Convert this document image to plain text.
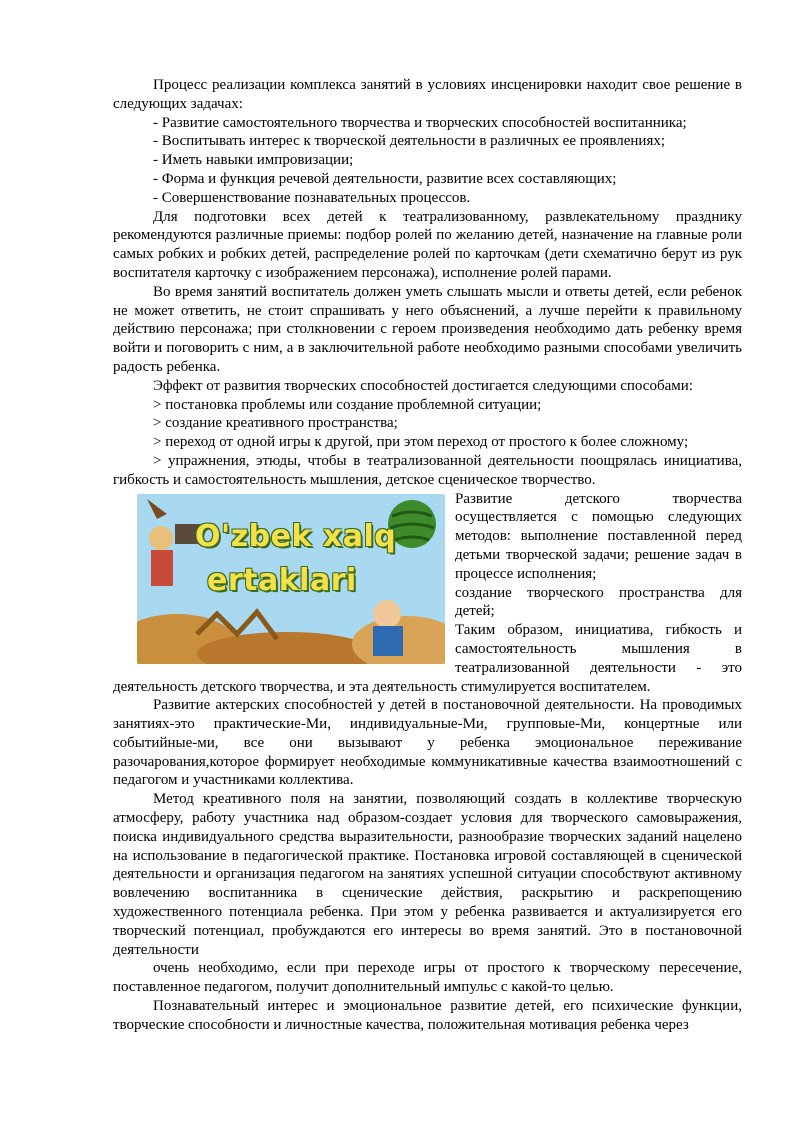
Процесс реализации комплекса занятий в условиях инсценировки находит свое решение в следующих задачах:

- Развитие самостоятельного творчества и творческих способностей воспитанника;

- Воспитывать интерес к творческой деятельности в различных ее проявлениях;

- Иметь навыки импровизации;

- Форма и функция речевой деятельности, развитие всех составляющих;

- Совершенствование познавательных процессов.

Для подготовки всех детей к театрализованному, развлекательному празднику рекомендуются различные приемы: подбор ролей по желанию детей, назначение на главные роли самых робких и робких детей, распределение ролей по карточкам (дети схематично берут из рук воспитателя карточку с изображением персонажа), исполнение ролей парами.

Во время занятий воспитатель должен уметь слышать мысли и ответы детей, если ребенок не может ответить, не стоит спрашивать у него объяснений, а лучше перейти к правильному действию персонажа; при столкновении с героем произведения необходимо дать ребенку время войти и поговорить с ним, а в заключительной работе необходимо разными способами увеличить радость ребенка.

Эффект от развития творческих способностей достигается следующими способами:

> постановка проблемы или создание проблемной ситуации;

> создание креативного пространства;

> переход от одной игры к другой, при этом переход от простого к более сложному;

> упражнения, этюды, чтобы в театрализованной деятельности поощрялась инициатива, гибкость и самостоятельность мышления, детское сценическое творчество.

O'zbek xalq
ertaklari

Развитие детского творчества осуществляется с помощью следующих методов: выполнение поставленной перед детьми творческой задачи; решение задач в процессе исполнения;

создание творческого пространства для детей;

Таким образом, инициатива, гибкость и самостоятельность мышления в театрализованной деятельности - это деятельность детского творчества, и эта деятельность стимулируется воспитателем.

Развитие актерских способностей у детей в постановочной деятельности. На проводимых занятиях-это практические-Ми, индивидуальные-Ми, групповые-Ми, концертные или событийные-ми, все они вызывают у ребенка эмоциональное переживание разочарования,которое формирует необходимые коммуникативные качества взаимоотношений с педагогом и участниками коллектива.

Метод креативного поля на занятии, позволяющий создать в коллективе творческую атмосферу, работу участника над образом-создает условия для творческого самовыражения, поиска индивидуального средства выразительности, разнообразие творческих заданий нацелено на использование в педагогической практике. Постановка игровой составляющей в сценической деятельности и организация педагогом на занятиях успешной ситуации способствуют активному вовлечению воспитанника в сценические действия, раскрытию и раскрепощению художественного потенциала ребенка. При этом у ребенка развивается и актуализируется его творческий потенциал, пробуждаются его интересы во время занятий. Это в постановочной деятельности

очень необходимо, если при переходе игры от простого к творческому пересечение, поставленное педагогом, получит дополнительный импульс с какой-то целью.

Познавательный интерес и эмоциональное развитие детей, его психические функции, творческие способности и личностные качества, положительная мотивация ребенка через
